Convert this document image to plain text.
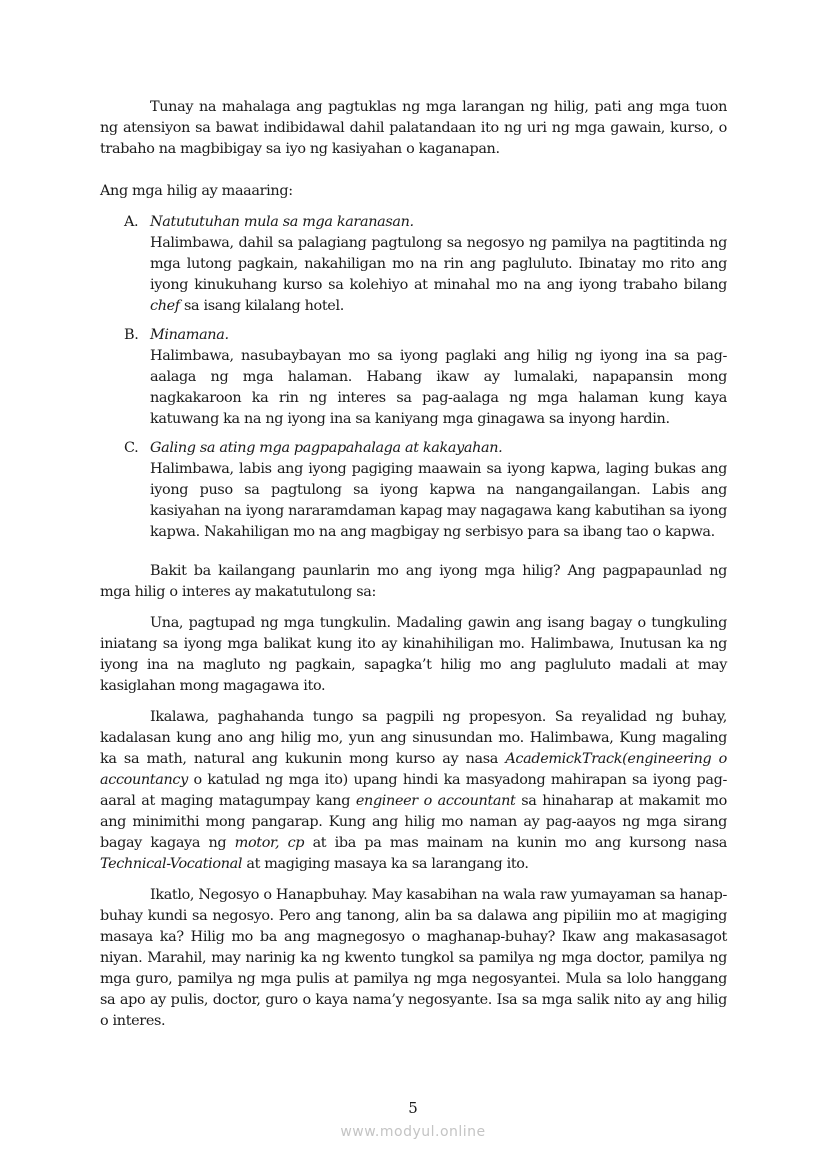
Tunay na mahalaga ang pagtuklas ng mga larangan ng hilig, pati ang mga tuon ng atensiyon sa bawat indibidawal dahil palatandaan ito ng uri ng mga gawain, kurso, o trabaho na magbibigay sa iyo ng kasiyahan o kaganapan.

Ang mga hilig ay maaaring:

A. Natututuhan mula sa mga karanasan.
Halimbawa, dahil sa palagiang pagtulong sa negosyo ng pamilya na pagtitinda ng mga lutong pagkain, nakahiligan mo na rin ang pagluluto. Ibinatay mo rito ang iyong kinukuhang kurso sa kolehiyo at minahal mo na ang iyong trabaho bilang chef sa isang kilalang hotel.
B. Minamana.
Halimbawa, nasubaybayan mo sa iyong paglaki ang hilig ng iyong ina sa pag-aalaga ng mga halaman. Habang ikaw ay lumalaki, napapansin mong nagkakaroon ka rin ng interes sa pag-aalaga ng mga halaman kung kaya katuwang ka na ng iyong ina sa kaniyang mga ginagawa sa inyong hardin.
C. Galing sa ating mga pagpapahalaga at kakayahan.
Halimbawa, labis ang iyong pagiging maawain sa iyong kapwa, laging bukas ang iyong puso sa pagtulong sa iyong kapwa na nangangailangan. Labis ang kasiyahan na iyong nararamdaman kapag may nagagawa kang kabutihan sa iyong kapwa. Nakahiligan mo na ang magbigay ng serbisyo para sa ibang tao o kapwa.

Bakit ba kailangang paunlarin mo ang iyong mga hilig? Ang pagpapaunlad ng mga hilig o interes ay makatutulong sa:

Una, pagtupad ng mga tungkulin. Madaling gawin ang isang bagay o tungkuling iniatang sa iyong mga balikat kung ito ay kinahihiligan mo. Halimbawa, Inutusan ka ng iyong ina na magluto ng pagkain, sapagka’t hilig mo ang pagluluto madali at may kasiglahan mong magagawa ito.

Ikalawa, paghahanda tungo sa pagpili ng propesyon. Sa reyalidad ng buhay, kadalasan kung ano ang hilig mo, yun ang sinusundan mo. Halimbawa, Kung magaling ka sa math, natural ang kukunin mong kurso ay nasa AcademickTrack(engineering o accountancy o katulad ng mga ito) upang hindi ka masyadong mahirapan sa iyong pag-aaral at maging matagumpay kang engineer o accountant sa hinaharap at makamit mo ang minimithi mong pangarap. Kung ang hilig mo naman ay pag-aayos ng mga sirang bagay kagaya ng motor, cp at iba pa mas mainam na kunin mo ang kursong nasa Technical-Vocational at magiging masaya ka sa larangang ito.

Ikatlo, Negosyo o Hanapbuhay. May kasabihan na wala raw yumayaman sa hanap-buhay kundi sa negosyo. Pero ang tanong, alin ba sa dalawa ang pipiliin mo at magiging masaya ka? Hilig mo ba ang magnegosyo o maghanap-buhay? Ikaw ang makasasagot niyan. Marahil, may narinig ka ng kwento tungkol sa pamilya ng mga doctor, pamilya ng mga guro, pamilya ng mga pulis at pamilya ng mga negosyantei. Mula sa lolo hanggang sa apo ay pulis, doctor, guro o kaya nama’y negosyante. Isa sa mga salik nito ay ang hilig o interes.

5
www.modyul.online
